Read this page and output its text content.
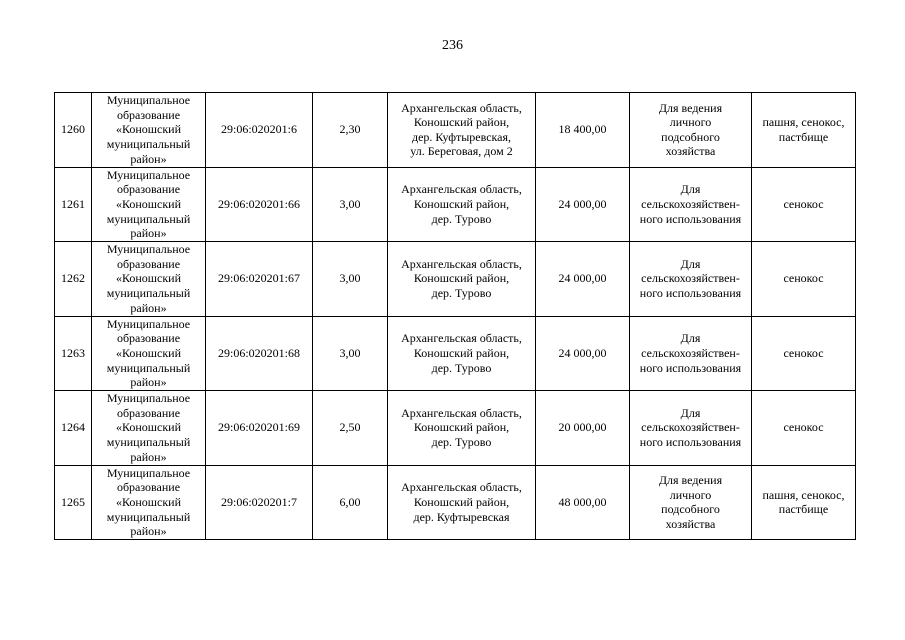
236
1260	Муниципальное
образование
«Коношский
муниципальный
район»	29:06:020201:6	2,30	Архангельская область,
Коношский район,
дер. Куфтыревская,
ул. Береговая, дом 2	18 400,00	Для ведения
личного
подсобного
хозяйства	пашня, сенокос,
пастбище

1261	Муниципальное
образование
«Коношский
муниципальный
район»	29:06:020201:66	3,00	Архангельская область,
Коношский район,
дер. Турово	24 000,00	Для
сельскохозяйствен-
ного использования	сенокос

1262	Муниципальное
образование
«Коношский
муниципальный
район»	29:06:020201:67	3,00	Архангельская область,
Коношский район,
дер. Турово	24 000,00	Для
сельскохозяйствен-
ного использования	сенокос

1263	Муниципальное
образование
«Коношский
муниципальный
район»	29:06:020201:68	3,00	Архангельская область,
Коношский район,
дер. Турово	24 000,00	Для
сельскохозяйствен-
ного использования	сенокос

1264	Муниципальное
образование
«Коношский
муниципальный
район»	29:06:020201:69	2,50	Архангельская область,
Коношский район,
дер. Турово	20 000,00	Для
сельскохозяйствен-
ного использования	сенокос

1265	Муниципальное
образование
«Коношский
муниципальный
район»	29:06:020201:7	6,00	Архангельская область,
Коношский район,
дер. Куфтыревская	48 000,00	Для ведения
личного
подсобного
хозяйства	пашня, сенокос,
пастбище
